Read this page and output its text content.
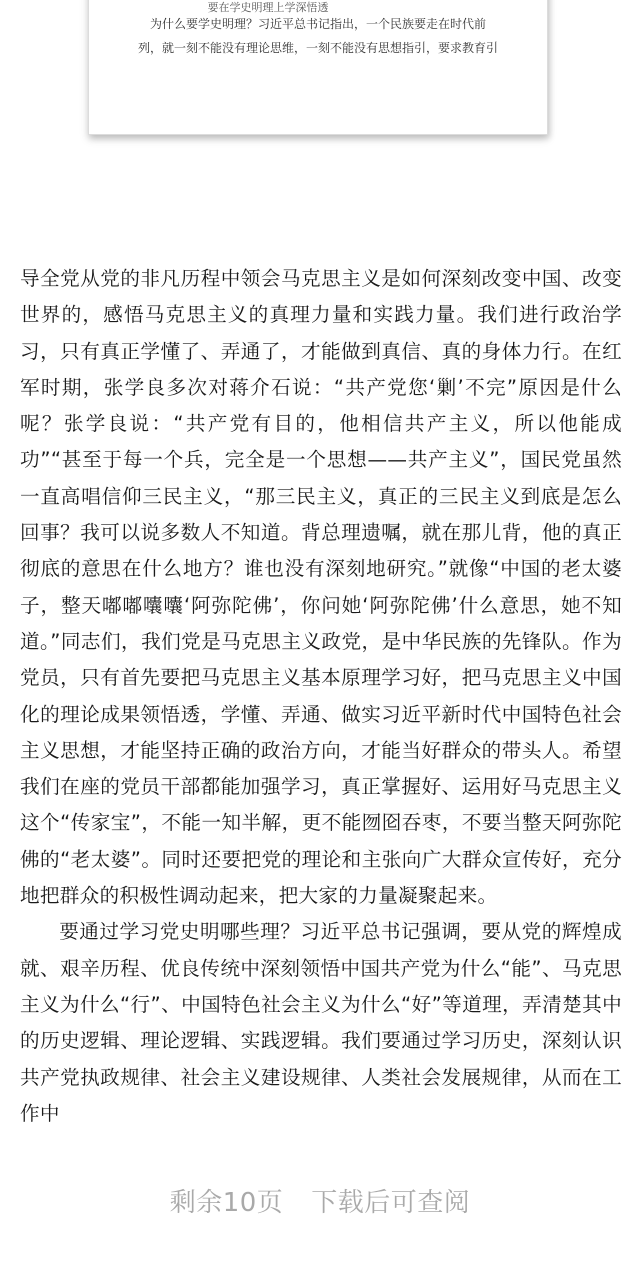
要在学史明理上学深悟透
为什么要学史明理？习近平总书记指出，一个民族要走在时代前
列，就一刻不能没有理论思维，一刻不能没有思想指引，要求教育引

导全党从党的非凡历程中领会马克思主义是如何深刻改变中国、改变世界的，感悟马克思主义的真理力量和实践力量。我们进行政治学习，只有真正学懂了、弄通了，才能做到真信、真的身体力行。在红军时期，张学良多次对蒋介石说：“共产党您‘剿’不完”原因是什么呢？张学良说：“共产党有目的，他相信共产主义，所以他能成功”“甚至于每一个兵，完全是一个思想——共产主义”，国民党虽然一直高唱信仰三民主义，“那三民主义，真正的三民主义到底是怎么回事？我可以说多数人不知道。背总理遗嘱，就在那儿背，他的真正彻底的意思在什么地方？谁也没有深刻地研究。”就像“中国的老太婆子，整天嘟嘟囔囔‘阿弥陀佛’，你问她‘阿弥陀佛’什么意思，她不知道。”同志们，我们党是马克思主义政党，是中华民族的先锋队。作为党员，只有首先要把马克思主义基本原理学习好，把马克思主义中国化的理论成果领悟透，学懂、弄通、做实习近平新时代中国特色社会主义思想，才能坚持正确的政治方向，才能当好群众的带头人。希望我们在座的党员干部都能加强学习，真正掌握好、运用好马克思主义这个“传家宝”，不能一知半解，更不能囫囵吞枣，不要当整天阿弥陀佛的“老太婆”。同时还要把党的理论和主张向广大群众宣传好，充分地把群众的积极性调动起来，把大家的力量凝聚起来。

要通过学习党史明哪些理？习近平总书记强调，要从党的辉煌成就、艰辛历程、优良传统中深刻领悟中国共产党为什么“能”、马克思主义为什么“行”、中国特色社会主义为什么“好”等道理，弄清楚其中的历史逻辑、理论逻辑、实践逻辑。我们要通过学习历史，深刻认识共产党执政规律、社会主义建设规律、人类社会发展规律，从而在工作中

剩余10页 下载后可查阅
